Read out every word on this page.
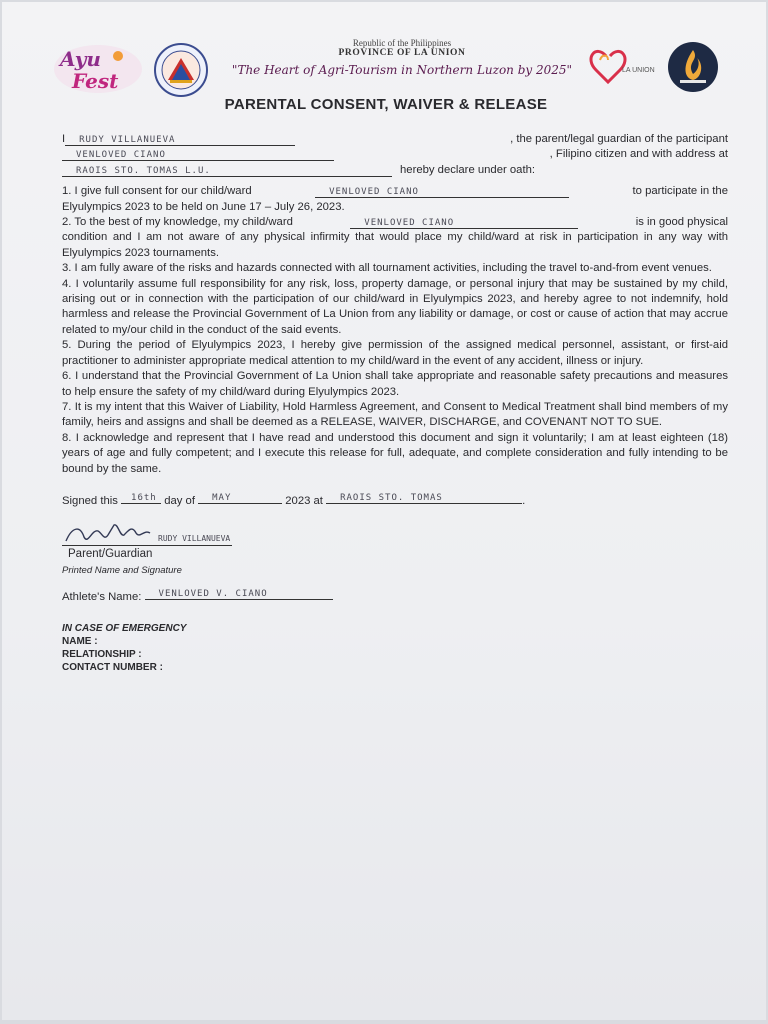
Ayu
Fest
Republic of the Philippines
PROVINCE OF LA UNION
"The Heart of Agri-Tourism in Northern Luzon by 2025"	LA UNION
PARENTAL CONSENT, WAIVER & RELEASE
I	RUDY VILLANUEVA	, the parent/legal guardian of the participant
VENLOVED CIANO	, Filipino citizen and with address at
RAOIS STO. TOMAS L.U.	hereby declare under oath:
1. I give full consent for our child/ward	VENLOVED CIANO	to participate in the

Elyulympics 2023 to be held on June 17 – July 26, 2023.

2. To the best of my knowledge, my child/ward	VENLOVED CIANO	is in good physical

condition and I am not aware of any physical infirmity that would place my child/ward at risk in participation in any way with Elyulympics 2023 tournaments.

3. I am fully aware of the risks and hazards connected with all tournament activities, including the travel to-and-from event venues.

4. I voluntarily assume full responsibility for any risk, loss, property damage, or personal injury that may be sustained by my child, arising out or in connection with the participation of our child/ward in Elyulympics 2023, and hereby agree to not indemnify, hold harmless and release the Provincial Government of La Union from any liability or damage, or cost or cause of action that may accrue related to my/our child in the conduct of the said events.

5. During the period of Elyulympics 2023, I hereby give permission of the assigned medical personnel, assistant, or first-aid practitioner to administer appropriate medical attention to my child/ward in the event of any accident, illness or injury.

6. I understand that the Provincial Government of La Union shall take appropriate and reasonable safety precautions and measures to help ensure the safety of my child/ward during Elyulympics 2023.

7. It is my intent that this Waiver of Liability, Hold Harmless Agreement, and Consent to Medical Treatment shall bind members of my family, heirs and assigns and shall be deemed as a RELEASE, WAIVER, DISCHARGE, and COVENANT NOT TO SUE.

8. I acknowledge and represent that I have read and understood this document and sign it voluntarily; I am at least eighteen (18) years of age and fully competent; and I execute this release for full, adequate, and complete consideration and fully intending to be bound by the same.

Signed this 16th day of MAY	2023 at RAOIS STO. TOMAS	.
RUDY VILLANUEVA
Parent/Guardian
Printed Name and Signature
Athlete's Name: VENLOVED V. CIANO
IN CASE OF EMERGENCY
NAME :
RELATIONSHIP :
CONTACT NUMBER :
